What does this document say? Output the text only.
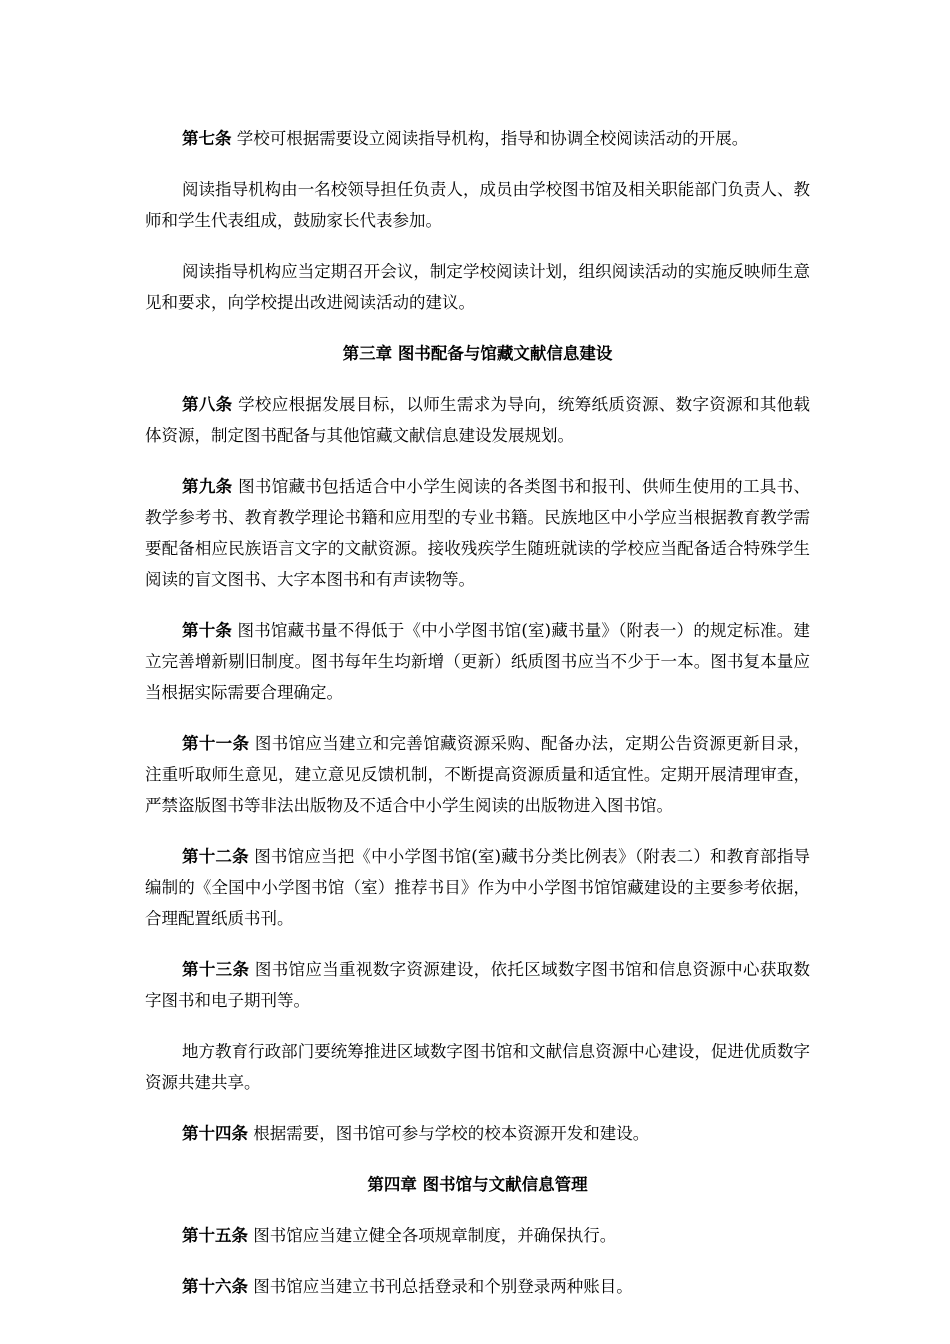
第七条 学校可根据需要设立阅读指导机构，指导和协调全校阅读活动的开展。

阅读指导机构由一名校领导担任负责人，成员由学校图书馆及相关职能部门负责人、教师和学生代表组成，鼓励家长代表参加。

阅读指导机构应当定期召开会议，制定学校阅读计划，组织阅读活动的实施反映师生意见和要求，向学校提出改进阅读活动的建议。

第三章 图书配备与馆藏文献信息建设

第八条 学校应根据发展目标，以师生需求为导向，统筹纸质资源、数字资源和其他载体资源，制定图书配备与其他馆藏文献信息建设发展规划。

第九条 图书馆藏书包括适合中小学生阅读的各类图书和报刊、供师生使用的工具书、教学参考书、教育教学理论书籍和应用型的专业书籍。民族地区中小学应当根据教育教学需要配备相应民族语言文字的文献资源。接收残疾学生随班就读的学校应当配备适合特殊学生阅读的盲文图书、大字本图书和有声读物等。

第十条 图书馆藏书量不得低于《中小学图书馆(室)藏书量》（附表一）的规定标准。建立完善增新剔旧制度。图书每年生均新增（更新）纸质图书应当不少于一本。图书复本量应当根据实际需要合理确定。

第十一条 图书馆应当建立和完善馆藏资源采购、配备办法，定期公告资源更新目录，注重听取师生意见，建立意见反馈机制，不断提高资源质量和适宜性。定期开展清理审查，严禁盗版图书等非法出版物及不适合中小学生阅读的出版物进入图书馆。

第十二条 图书馆应当把《中小学图书馆(室)藏书分类比例表》（附表二）和教育部指导编制的《全国中小学图书馆（室）推荐书目》作为中小学图书馆馆藏建设的主要参考依据，合理配置纸质书刊。

第十三条 图书馆应当重视数字资源建设，依托区域数字图书馆和信息资源中心获取数字图书和电子期刊等。

地方教育行政部门要统筹推进区域数字图书馆和文献信息资源中心建设，促进优质数字资源共建共享。

第十四条 根据需要，图书馆可参与学校的校本资源开发和建设。

第四章 图书馆与文献信息管理

第十五条 图书馆应当建立健全各项规章制度，并确保执行。

第十六条 图书馆应当建立书刊总括登录和个别登录两种账目。
